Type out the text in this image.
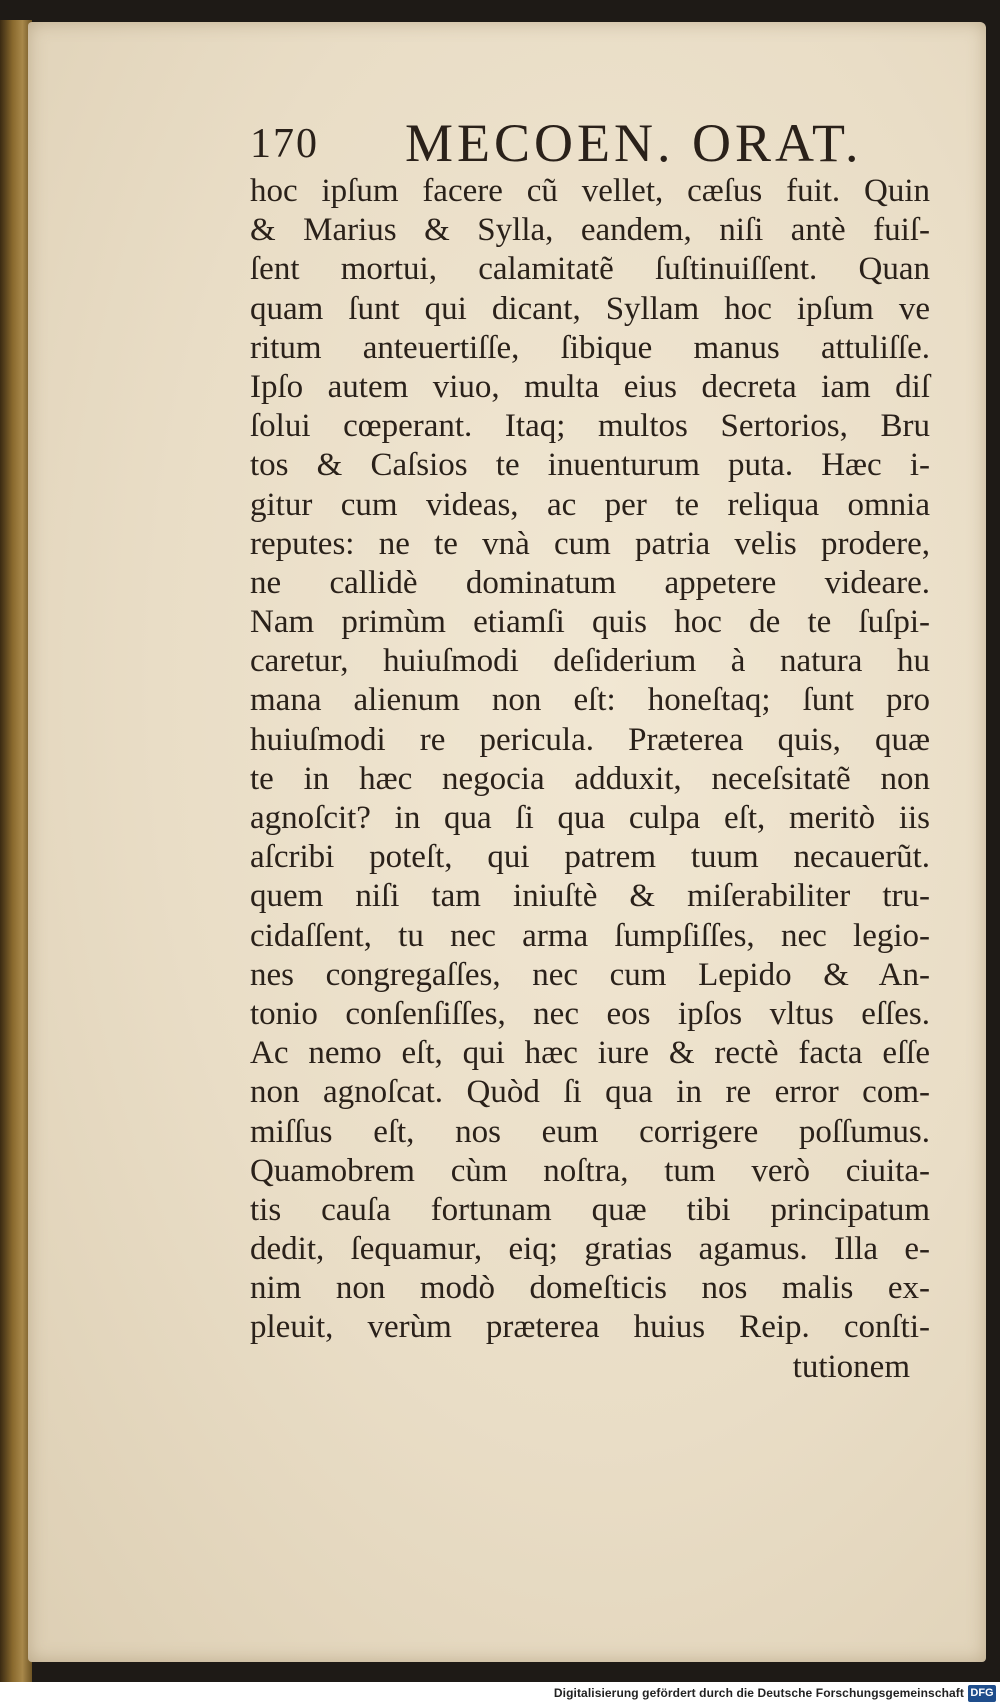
170 MECOEN. ORAT.
hoc ipſum facere cũ vellet, cæſus fuit. Quin
& Marius & Sylla, eandem, niſi antè fuiſ-
ſent mortui, calamitatẽ ſuſtinuiſſent. Quan
quam ſunt qui dicant, Syllam hoc ipſum ve
ritum anteuertiſſe, ſibique manus attuliſſe.
Ipſo autem viuo, multa eius decreta iam diſ
ſolui cœperant. Itaq; multos Sertorios, Bru
tos & Caſsios te inuenturum puta. Hæc i-
gitur cum videas, ac per te reliqua omnia
reputes: ne te vnà cum patria velis prodere,
ne callidè dominatum appetere videare.
Nam primùm etiamſi quis hoc de te ſuſpi-
caretur, huiuſmodi deſiderium à natura hu
mana alienum non eſt: honeſtaq; ſunt pro
huiuſmodi re pericula. Præterea quis, quæ
te in hæc negocia adduxit, neceſsitatẽ non
agnoſcit? in qua ſi qua culpa eſt, meritò iis
aſcribi poteſt, qui patrem tuum necauerũt.
quem niſi tam iniuſtè & miſerabiliter tru-
cidaſſent, tu nec arma ſumpſiſſes, nec legio-
nes congregaſſes, nec cum Lepido & An-
tonio conſenſiſſes, nec eos ipſos vltus eſſes.
Ac nemo eſt, qui hæc iure & rectè facta eſſe
non agnoſcat. Quòd ſi qua in re error com-
miſſus eſt, nos eum corrigere poſſumus.
Quamobrem cùm noſtra, tum verò ciuita-
tis cauſa fortunam quæ tibi principatum
dedit, ſequamur, eiq; gratias agamus. Illa e-
nim non modò domeſticis nos malis ex-
pleuit, verùm præterea huius Reip. conſti-
tutionem
Digitalisierung gefördert durch die Deutsche Forschungsgemeinschaft DFG
